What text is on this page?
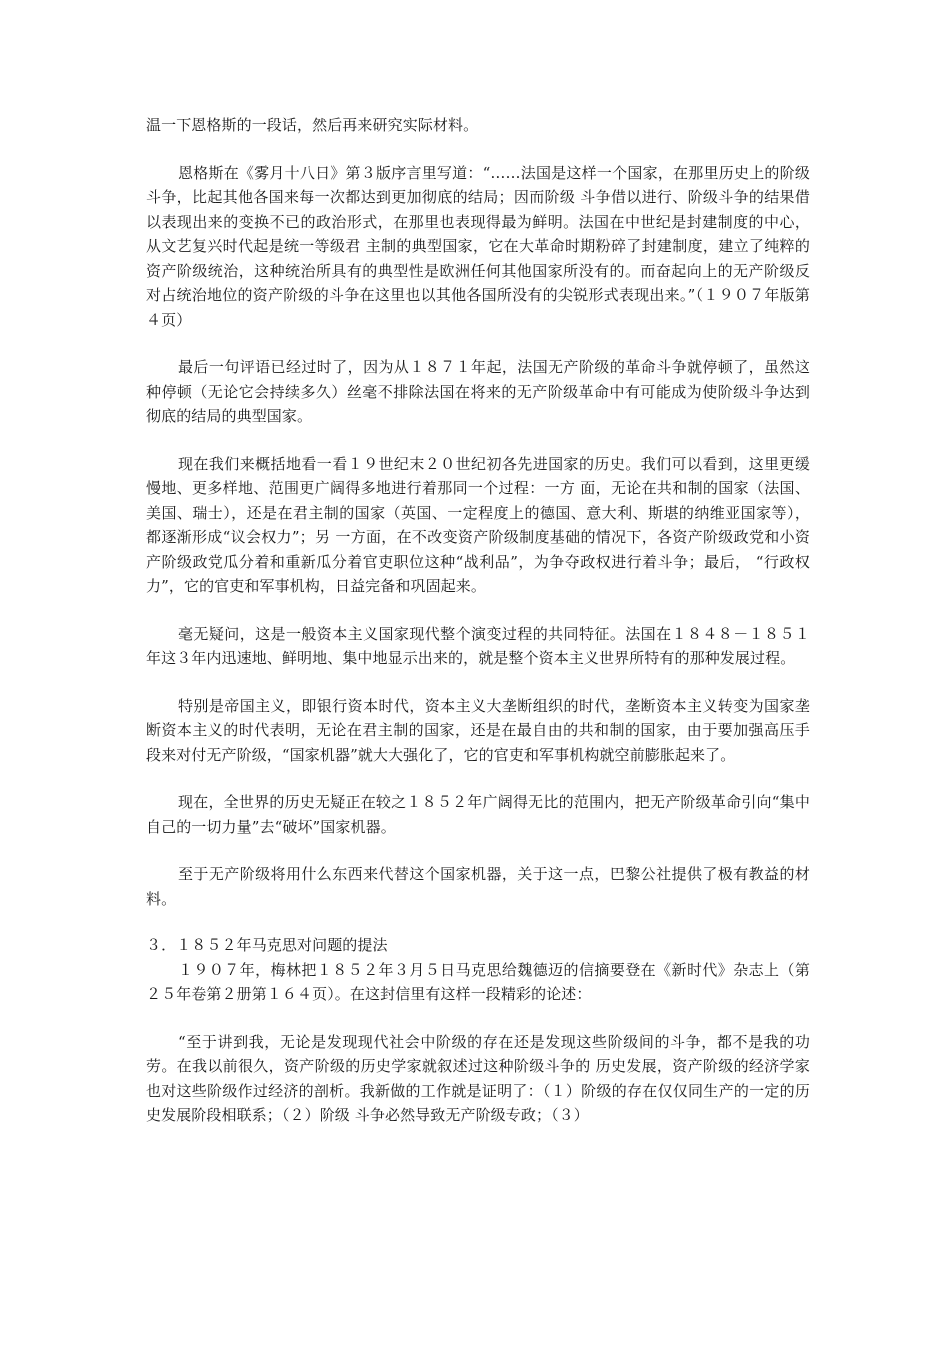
温一下恩格斯的一段话，然后再来研究实际材料。

恩格斯在《雾月十八日》第３版序言里写道：“……法国是这样一个国家，在那里历史上的阶级斗争，比起其他各国来每一次都达到更加彻底的结局；因而阶级 斗争借以进行、阶级斗争的结果借以表现出来的变换不已的政治形式，在那里也表现得最为鲜明。法国在中世纪是封建制度的中心，从文艺复兴时代起是统一等级君 主制的典型国家，它在大革命时期粉碎了封建制度，建立了纯粹的资产阶级统治，这种统治所具有的典型性是欧洲任何其他国家所没有的。而奋起向上的无产阶级反 对占统治地位的资产阶级的斗争在这里也以其他各国所没有的尖锐形式表现出来。”（１９０７年版第４页）

最后一句评语已经过时了，因为从１８７１年起，法国无产阶级的革命斗争就停顿了，虽然这种停顿（无论它会持续多久）丝毫不排除法国在将来的无产阶级革命中有可能成为使阶级斗争达到彻底的结局的典型国家。

现在我们来概括地看一看１９世纪末２０世纪初各先进国家的历史。我们可以看到，这里更缓慢地、更多样地、范围更广阔得多地进行着那同一个过程：一方 面，无论在共和制的国家（法国、美国、瑞士），还是在君主制的国家（英国、一定程度上的德国、意大利、斯堪的纳维亚国家等），都逐渐形成“议会权力”；另 一方面，在不改变资产阶级制度基础的情况下，各资产阶级政党和小资产阶级政党瓜分着和重新瓜分着官吏职位这种“战利品”，为争夺政权进行着斗争；最后， “行政权力”，它的官吏和军事机构，日益完备和巩固起来。

毫无疑问，这是一般资本主义国家现代整个演变过程的共同特征。法国在１８４８－１８５１年这３年内迅速地、鲜明地、集中地显示出来的，就是整个资本主义世界所特有的那种发展过程。

特别是帝国主义，即银行资本时代，资本主义大垄断组织的时代，垄断资本主义转变为国家垄断资本主义的时代表明，无论在君主制的国家，还是在最自由的共和制的国家，由于要加强高压手段来对付无产阶级，“国家机器”就大大强化了，它的官吏和军事机构就空前膨胀起来了。

现在，全世界的历史无疑正在较之１８５２年广阔得无比的范围内，把无产阶级革命引向“集中自己的一切力量”去“破坏”国家机器。

至于无产阶级将用什么东西来代替这个国家机器，关于这一点，巴黎公社提供了极有教益的材料。

３．１８５２年马克思对问题的提法

１９０７年，梅林把１８５２年３月５日马克思给魏德迈的信摘要登在《新时代》杂志上（第２５年卷第２册第１６４页）。在这封信里有这样一段精彩的论述：

“至于讲到我，无论是发现现代社会中阶级的存在还是发现这些阶级间的斗争，都不是我的功劳。在我以前很久，资产阶级的历史学家就叙述过这种阶级斗争的 历史发展，资产阶级的经济学家也对这些阶级作过经济的剖析。我新做的工作就是证明了：（１）阶级的存在仅仅同生产的一定的历史发展阶段相联系；（２）阶级 斗争必然导致无产阶级专政；（３）
